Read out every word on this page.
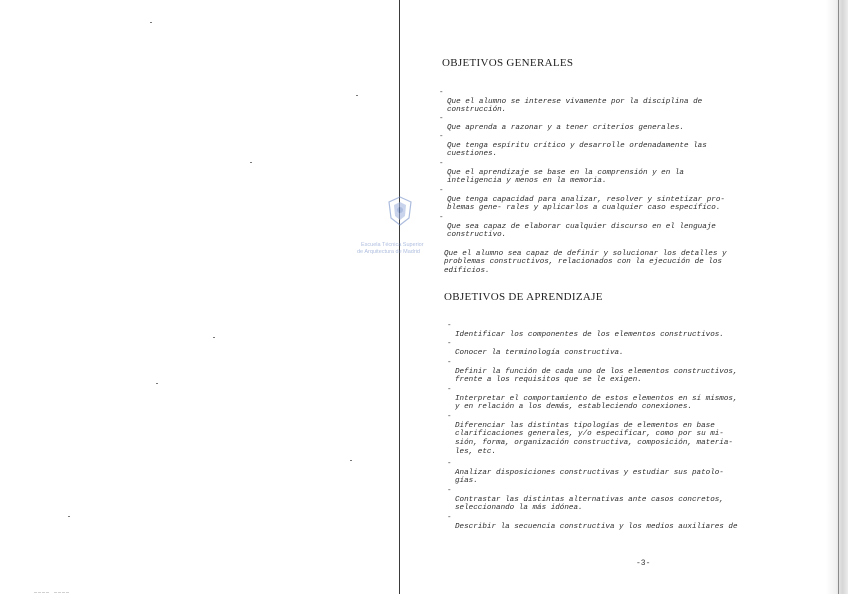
Escuela Técnica Superior
de Arquitectura de Madrid
OBJETIVOS GENERALES
OBJETIVOS DE APRENDIZAJE

-
Que el alumno se interese vivamente por la disciplina de
construcción.

-
Que aprenda a razonar y a tener criterios generales.

-
Que tenga espíritu crítico y desarrolle ordenadamente las
cuestiones.

-
Que el aprendizaje se base en la comprensión y en la
inteligencia y menos en la memoria.

-
Que tenga capacidad para analizar, resolver y sintetizar pro-
blemas gene- rales y aplicarlos a cualquier caso específico.

-
Que sea capaz de elaborar cualquier discurso en el lenguaje
constructivo.

Que el alumno sea capaz de definir y solucionar los detalles y
problemas constructivos, relacionados con la ejecución de los
edificios.

-
Identificar los componentes de los elementos constructivos.

-
Conocer la terminología constructiva.

-
Definir la función de cada uno de los elementos constructivos,
frente a los requisitos que se le exigen.

-
Interpretar el comportamiento de estos elementos en sí mismos,
y en relación a los demás, estableciendo conexiones.

-
Diferenciar las distintas tipologías de elementos en base
clarificaciones generales, y/o especificar, como por su mi-
sión, forma, organización constructiva, composición, materia-
les, etc.

-
Analizar disposiciones constructivas y estudiar sus patolo-
gías.

-
Contrastar las distintas alternativas ante casos concretos,
seleccionando la más idónea.

-
Describir la secuencia constructiva y los medios auxiliares de

-3-
———— ————
